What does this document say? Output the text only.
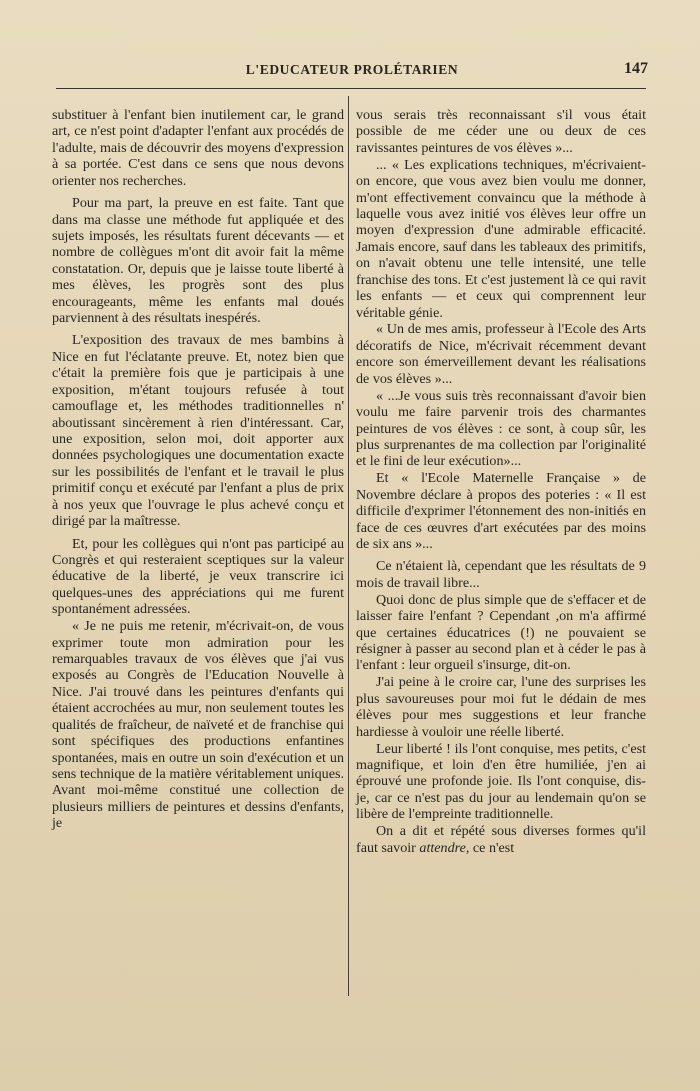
L'EDUCATEUR PROLÉTARIEN	147

substituer à l'enfant bien inutilement car, le grand art, ce n'est point d'adapter l'enfant aux procédés de l'adulte, mais de découvrir des moyens d'expression à sa portée. C'est dans ce sens que nous devons orienter nos recherches.

Pour ma part, la preuve en est faite. Tant que dans ma classe une méthode fut appliquée et des sujets imposés, les résultats furent décevants — et nombre de collègues m'ont dit avoir fait la même constatation. Or, depuis que je laisse toute liberté à mes élèves, les progrès sont des plus encourageants, même les enfants mal doués parviennent à des résultats inespérés.

L'exposition des travaux de mes bambins à Nice en fut l'éclatante preuve. Et, notez bien que c'était la première fois que je participais à une exposition, m'étant toujours refusée à tout camouflage et, les méthodes traditionnelles n' aboutissant sincèrement à rien d'intéressant. Car, une exposition, selon moi, doit apporter aux données psychologiques une documentation exacte sur les possibilités de l'enfant et le travail le plus primitif conçu et exécuté par l'enfant a plus de prix à nos yeux que l'ouvrage le plus achevé conçu et dirigé par la maîtresse.

Et, pour les collègues qui n'ont pas participé au Congrès et qui resteraient sceptiques sur la valeur éducative de la liberté, je veux transcrire ici quelques-unes des appréciations qui me furent spontanément adressées.

« Je ne puis me retenir, m'écrivait-on, de vous exprimer toute mon admiration pour les remarquables travaux de vos élèves que j'ai vus exposés au Congrès de l'Education Nouvelle à Nice. J'ai trouvé dans les peintures d'enfants qui étaient accrochées au mur, non seulement toutes les qualités de fraîcheur, de naïveté et de franchise qui sont spécifiques des productions enfantines spontanées, mais en outre un soin d'exécution et un sens technique de la matière véritablement uniques. Avant moi-même constitué une collection de plusieurs milliers de peintures et dessins d'enfants, je

vous serais très reconnaissant s'il vous était possible de me céder une ou deux de ces ravissantes peintures de vos élèves »...

... « Les explications techniques, m'écrivaient-on encore, que vous avez bien voulu me donner, m'ont effectivement convaincu que la méthode à laquelle vous avez initié vos élèves leur offre un moyen d'expression d'une admirable efficacité. Jamais encore, sauf dans les tableaux des primitifs, on n'avait obtenu une telle intensité, une telle franchise des tons. Et c'est justement là ce qui ravit les enfants — et ceux qui comprennent leur véritable génie.

« Un de mes amis, professeur à l'Ecole des Arts décoratifs de Nice, m'écrivait récemment devant encore son émerveillement devant les réalisations de vos élèves »...

« ...Je vous suis très reconnaissant d'avoir bien voulu me faire parvenir trois des charmantes peintures de vos élèves : ce sont, à coup sûr, les plus surprenantes de ma collection par l'originalité et le fini de leur exécution»...

Et « l'Ecole Maternelle Française » de Novembre déclare à propos des poteries : « Il est difficile d'exprimer l'étonnement des non-initiés en face de ces œuvres d'art exécutées par des moins de six ans »...

Ce n'étaient là, cependant que les résultats de 9 mois de travail libre...

Quoi donc de plus simple que de s'effacer et de laisser faire l'enfant ? Cependant ,on m'a affirmé que certaines éducatrices (!) ne pouvaient se résigner à passer au second plan et à céder le pas à l'enfant : leur orgueil s'insurge, dit-on.

J'ai peine à le croire car, l'une des surprises les plus savoureuses pour moi fut le dédain de mes élèves pour mes suggestions et leur franche hardiesse à vouloir une réelle liberté.

Leur liberté ! ils l'ont conquise, mes petits, c'est magnifique, et loin d'en être humiliée, j'en ai éprouvé une profonde joie. Ils l'ont conquise, dis-je, car ce n'est pas du jour au lendemain qu'on se libère de l'empreinte traditionnelle.

On a dit et répété sous diverses formes qu'il faut savoir attendre, ce n'est
